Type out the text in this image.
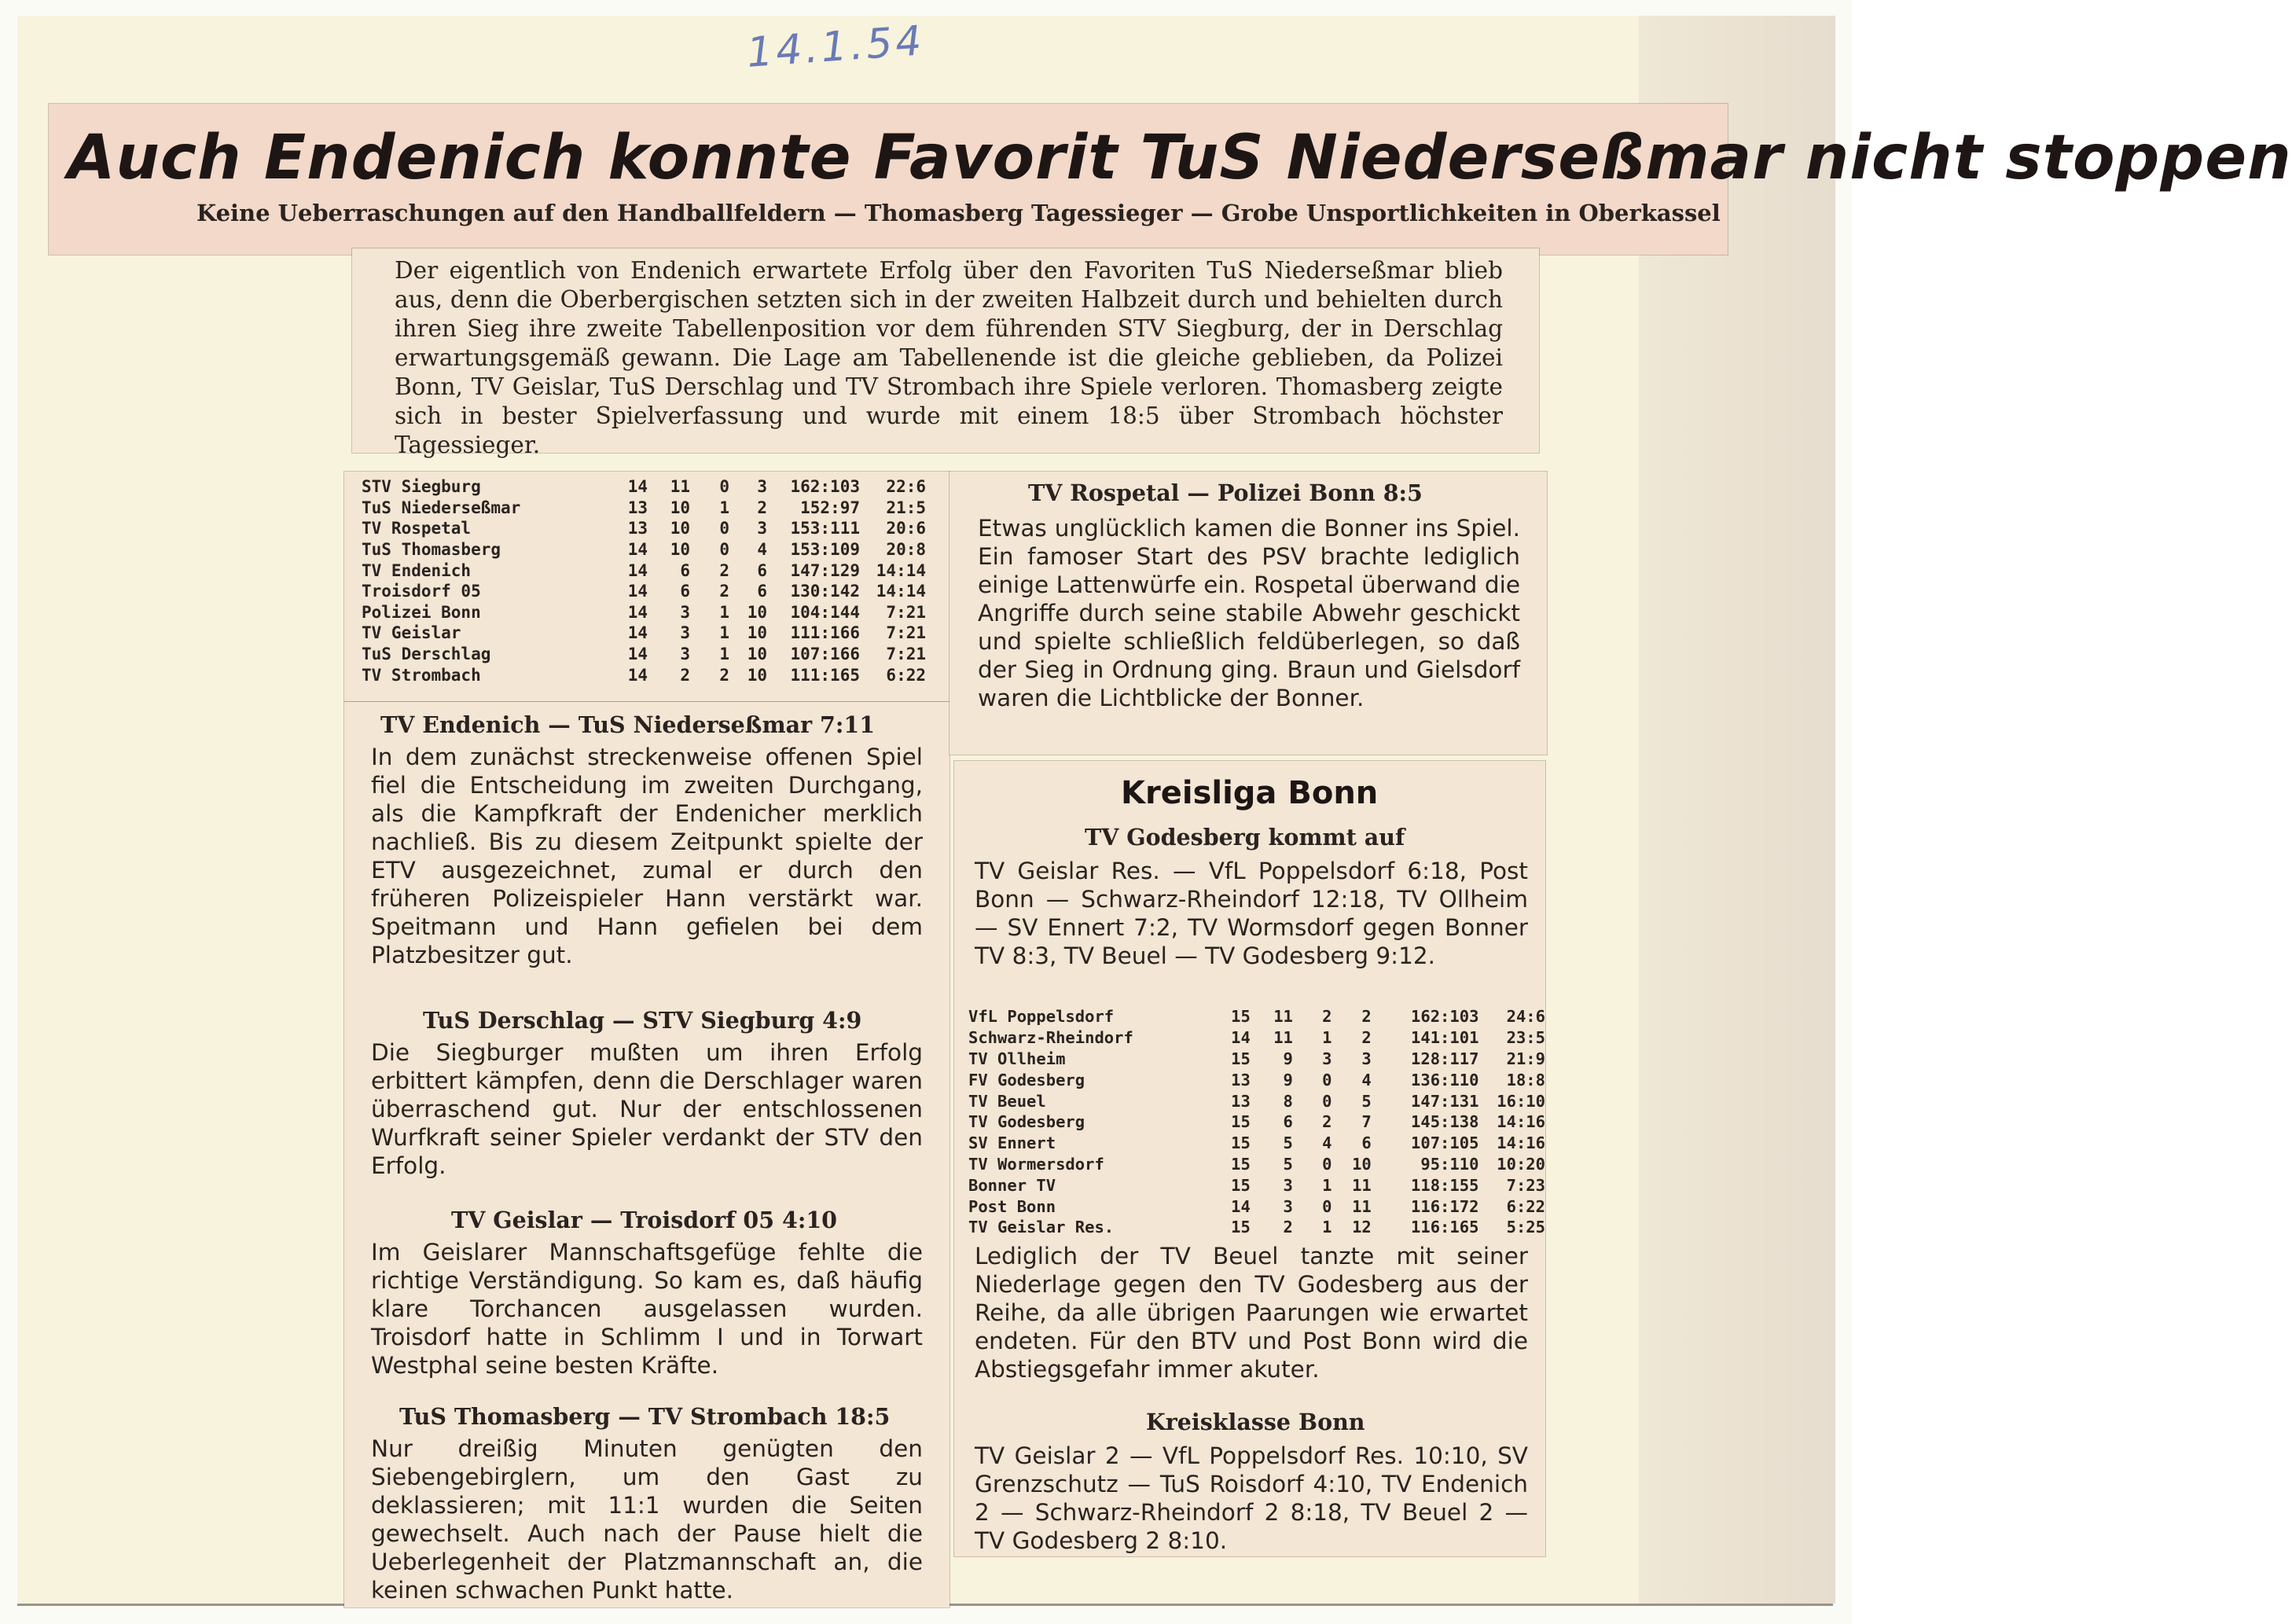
14.1.54
Auch Endenich konnte Favorit TuS Niederseßmar nicht stoppen
Keine Ueberraschungen auf den Handballfeldern — Thomasberg Tagessieger — Grobe Unsportlichkeiten in Oberkassel
Der eigentlich von Endenich erwartete Erfolg über den Favoriten TuS Niederseßmar blieb aus, denn die Oberbergischen setzten sich in der zweiten Halbzeit durch und behielten durch ihren Sieg ihre zweite Tabellenposition vor dem führenden STV Siegburg, der in Derschlag erwartungsgemäß gewann. Die Lage am Tabellenende ist die gleiche geblieben, da Polizei Bonn, TV Geislar, TuS Derschlag und TV Strombach ihre Spiele verloren. Thomasberg zeigte sich in bester Spielverfassung und wurde mit einem 18:5 über Strombach höchster Tagessieger.
STV Siegburg	14	11	0	3	162:103	22:6
TuS Niederseßmar	13	10	1	2	152:97	21:5
TV Rospetal	13	10	0	3	153:111	20:6
TuS Thomasberg	14	10	0	4	153:109	20:8
TV Endenich	14	6	2	6	147:129	14:14
Troisdorf 05	14	6	2	6	130:142	14:14
Polizei Bonn	14	3	1	10	104:144	7:21
TV Geislar	14	3	1	10	111:166	7:21
TuS Derschlag	14	3	1	10	107:166	7:21
TV Strombach	14	2	2	10	111:165	6:22
TV Endenich — TuS Niederseßmar 7:11
In dem zunächst streckenweise offenen Spiel fiel die Entscheidung im zweiten Durchgang, als die Kampfkraft der Endenicher merklich nachließ. Bis zu diesem Zeitpunkt spielte der ETV ausgezeichnet, zumal er durch den früheren Polizeispieler Hann verstärkt war. Speitmann und Hann gefielen bei dem Platzbesitzer gut.
TuS Derschlag — STV Siegburg 4:9
Die Siegburger mußten um ihren Erfolg erbittert kämpfen, denn die Derschlager waren überraschend gut. Nur der entschlossenen Wurfkraft seiner Spieler verdankt der STV den Erfolg.
TV Geislar — Troisdorf 05 4:10
Im Geislarer Mannschaftsgefüge fehlte die richtige Verständigung. So kam es, daß häufig klare Torchancen ausgelassen wurden. Troisdorf hatte in Schlimm I und in Torwart Westphal seine besten Kräfte.
TuS Thomasberg — TV Strombach 18:5
Nur dreißig Minuten genügten den Siebengebirglern, um den Gast zu deklassieren; mit 11:1 wurden die Seiten gewechselt. Auch nach der Pause hielt die Ueberlegenheit der Platzmannschaft an, die keinen schwachen Punkt hatte.
TV Rospetal — Polizei Bonn 8:5
Etwas unglücklich kamen die Bonner ins Spiel. Ein famoser Start des PSV brachte lediglich einige Lattenwürfe ein. Rospetal überwand die Angriffe durch seine stabile Abwehr geschickt und spielte schließlich feldüberlegen, so daß der Sieg in Ordnung ging. Braun und Gielsdorf waren die Lichtblicke der Bonner.
Kreisliga Bonn
TV Godesberg kommt auf
TV Geislar Res. — VfL Poppelsdorf 6:18, Post Bonn — Schwarz-Rheindorf 12:18, TV Ollheim — SV Ennert 7:2, TV Wormsdorf gegen Bonner TV 8:3, TV Beuel — TV Godesberg 9:12.
VfL Poppelsdorf	15	11	2	2	162:103	24:6
Schwarz-Rheindorf	14	11	1	2	141:101	23:5
TV Ollheim	15	9	3	3	128:117	21:9
FV Godesberg	13	9	0	4	136:110	18:8
TV Beuel	13	8	0	5	147:131	16:10
TV Godesberg	15	6	2	7	145:138	14:16
SV Ennert	15	5	4	6	107:105	14:16
TV Wormersdorf	15	5	0	10	95:110	10:20
Bonner TV	15	3	1	11	118:155	7:23
Post Bonn	14	3	0	11	116:172	6:22
TV Geislar Res.	15	2	1	12	116:165	5:25
Lediglich der TV Beuel tanzte mit seiner Niederlage gegen den TV Godesberg aus der Reihe, da alle übrigen Paarungen wie erwartet endeten. Für den BTV und Post Bonn wird die Abstiegsgefahr immer akuter.
Kreisklasse Bonn
TV Geislar 2 — VfL Poppelsdorf Res. 10:10, SV Grenzschutz — TuS Roisdorf 4:10, TV Endenich 2 — Schwarz-Rheindorf 2 8:18, TV Beuel 2 — TV Godesberg 2 8:10.
